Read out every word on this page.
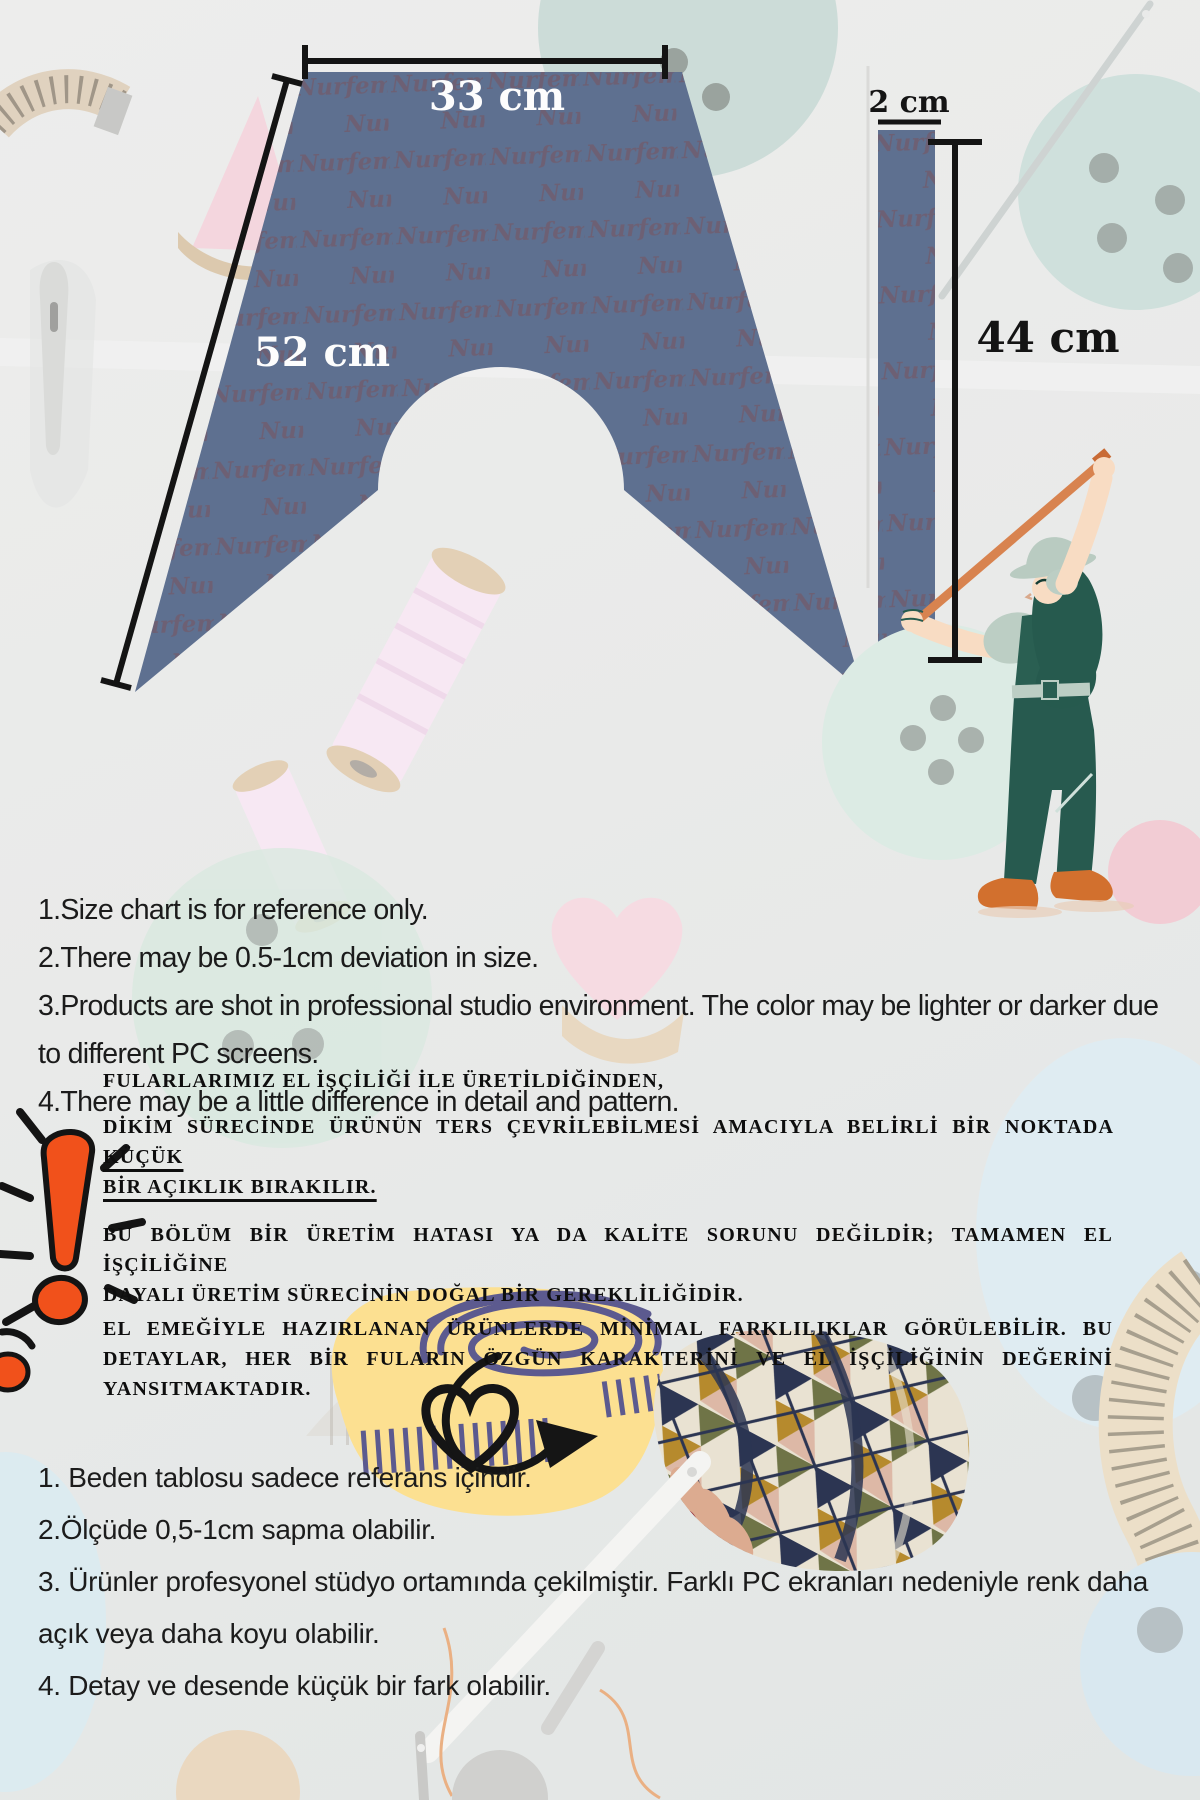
33 cm
52 cm
2 cm
44 cm
1.Size chart is for reference only.
2.There may be 0.5-1cm deviation in size.
3.Products are shot in professional studio environment. The color may be lighter or darker due
to different PC screens.
4.There may be a little difference in detail and pattern.
FULARLARIMIZ EL İŞÇİLİĞİ İLE ÜRETİLDİĞİNDEN,
DİKİM SÜRECİNDE ÜRÜNÜN TERS ÇEVRİLEBİLMESİ AMACIYLA BELİRLİ BİR NOKTADA KÜÇÜK
BİR AÇIKLIK BIRAKILIR.
BU BÖLÜM BİR ÜRETİM HATASI YA DA KALİTE SORUNU DEĞİLDİR; TAMAMEN EL İŞÇİLİĞİNE
DAYALI ÜRETİM SÜRECİNİN DOĞAL BİR GEREKLİLİĞİDİR.
EL EMEĞİYLE HAZIRLANAN ÜRÜNLERDE MİNİMAL FARKLILIKLAR GÖRÜLEBİLİR. BU
DETAYLAR, HER BİR FULARIN ÖZGÜN KARAKTERİNİ VE EL İŞÇİLİĞİNİN DEĞERİNİ
YANSITMAKTADIR.
1. Beden tablosu sadece referans içindir.
2.Ölçüde 0,5-1cm sapma olabilir.
3. Ürünler profesyonel stüdyo ortamında çekilmiştir. Farklı PC ekranları nedeniyle renk daha
açık veya daha koyu olabilir.
4. Detay ve desende küçük bir fark olabilir.
